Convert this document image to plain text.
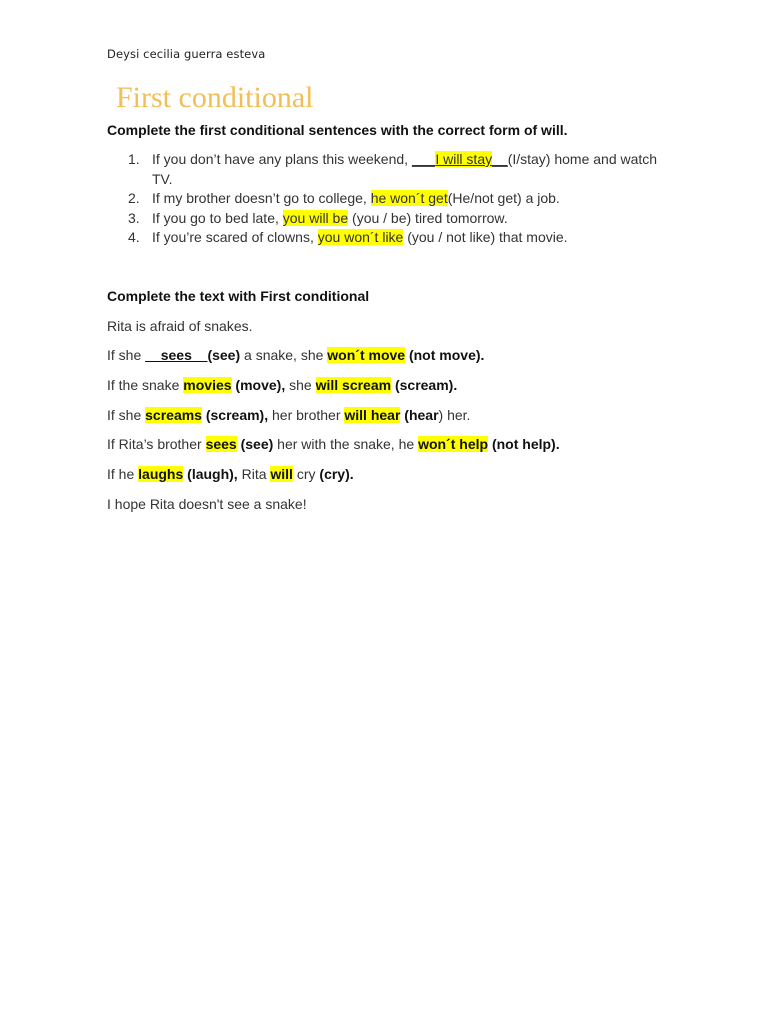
Deysi cecilia guerra esteva
First conditional
Complete the first conditional sentences with the correct form of will.
1. If you don’t have any plans this weekend, ___I will stay__(I/stay) home and watch TV.
2. If my brother doesn’t go to college, he won´t get(He/not get) a job.
3. If you go to bed late, you will be (you / be) tired tomorrow.
4. If you’re scared of clowns, you won´t like (you / not like) that movie.
Complete the text with First conditional
Rita is afraid of snakes.
If she __sees__(see) a snake, she won´t move (not move).
If the snake movies (move), she will scream (scream).
If she screams (scream), her brother will hear (hear) her.
If Rita’s brother sees (see) her with the snake, he won´t help (not help).
If he laughs (laugh), Rita will cry (cry).
I hope Rita doesn't see a snake!
